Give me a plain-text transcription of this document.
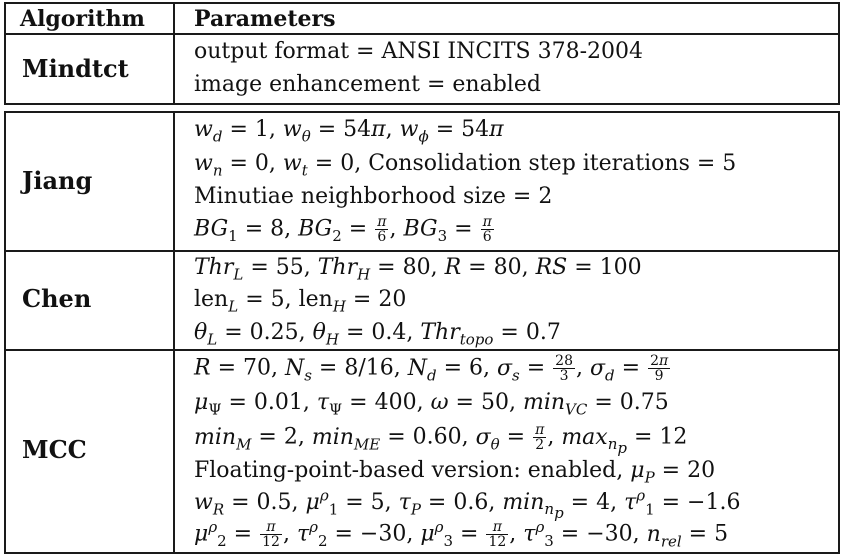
Algorithm Parameters
Mindtct
output format = ANSI INCITS 378-2004
image enhancement = enabled
Jiang
$w_d = 1$, $w_\theta = 54\pi$, $w_\phi = 54\pi$
$w_n = 0$, $w_t = 0$, Consolidation step iterations = 5
Minutiae neighborhood size = 2
$BG_1 = 8$, $BG_2 = \frac{\pi}{6}$ , $BG_3 = \frac{\pi}{6}$
Chen
Thr$_L$ = 55, Thr$_H$ = 80, R = 80, RS = 100
len$_L$ = 5, len$_H$ = 20
$\theta_L = 0.25$, $\theta_H = 0.4$, Thr$_{topo}$ = 0.7
MCC
R = 70, $N_s = 8/16$, $N_d = 6$, $\sigma_s = \frac{28}{3}$ , $\sigma_d = \frac{2\pi}{9}$
$\mu_\Psi = 0.01$, $\tau_\Psi = 400$, ω = 50, $\min_{VC} = 0.75$
$\min_M = 2$, $\min_{ME} = 0.60$, $\sigma_\theta = \frac{\pi}{2}$ , $\max_{n_p} = 12$
Floating-point-based version: enabled, $\mu_P = 20$
$w_R = 0.5$, $\mu^\rho_1 = 5$, $\tau_P = 0.6$, $\min_{n_p} = 4$, $\tau^\rho_1 = -1.6$
$\mu^\rho_2 = \frac{\pi}{12}$ , $\tau^\rho_2 = -30$, $\mu^\rho_3 = \frac{\pi}{12}$ , $\tau^\rho_3 = -30$, $n_{rel} = 5$
